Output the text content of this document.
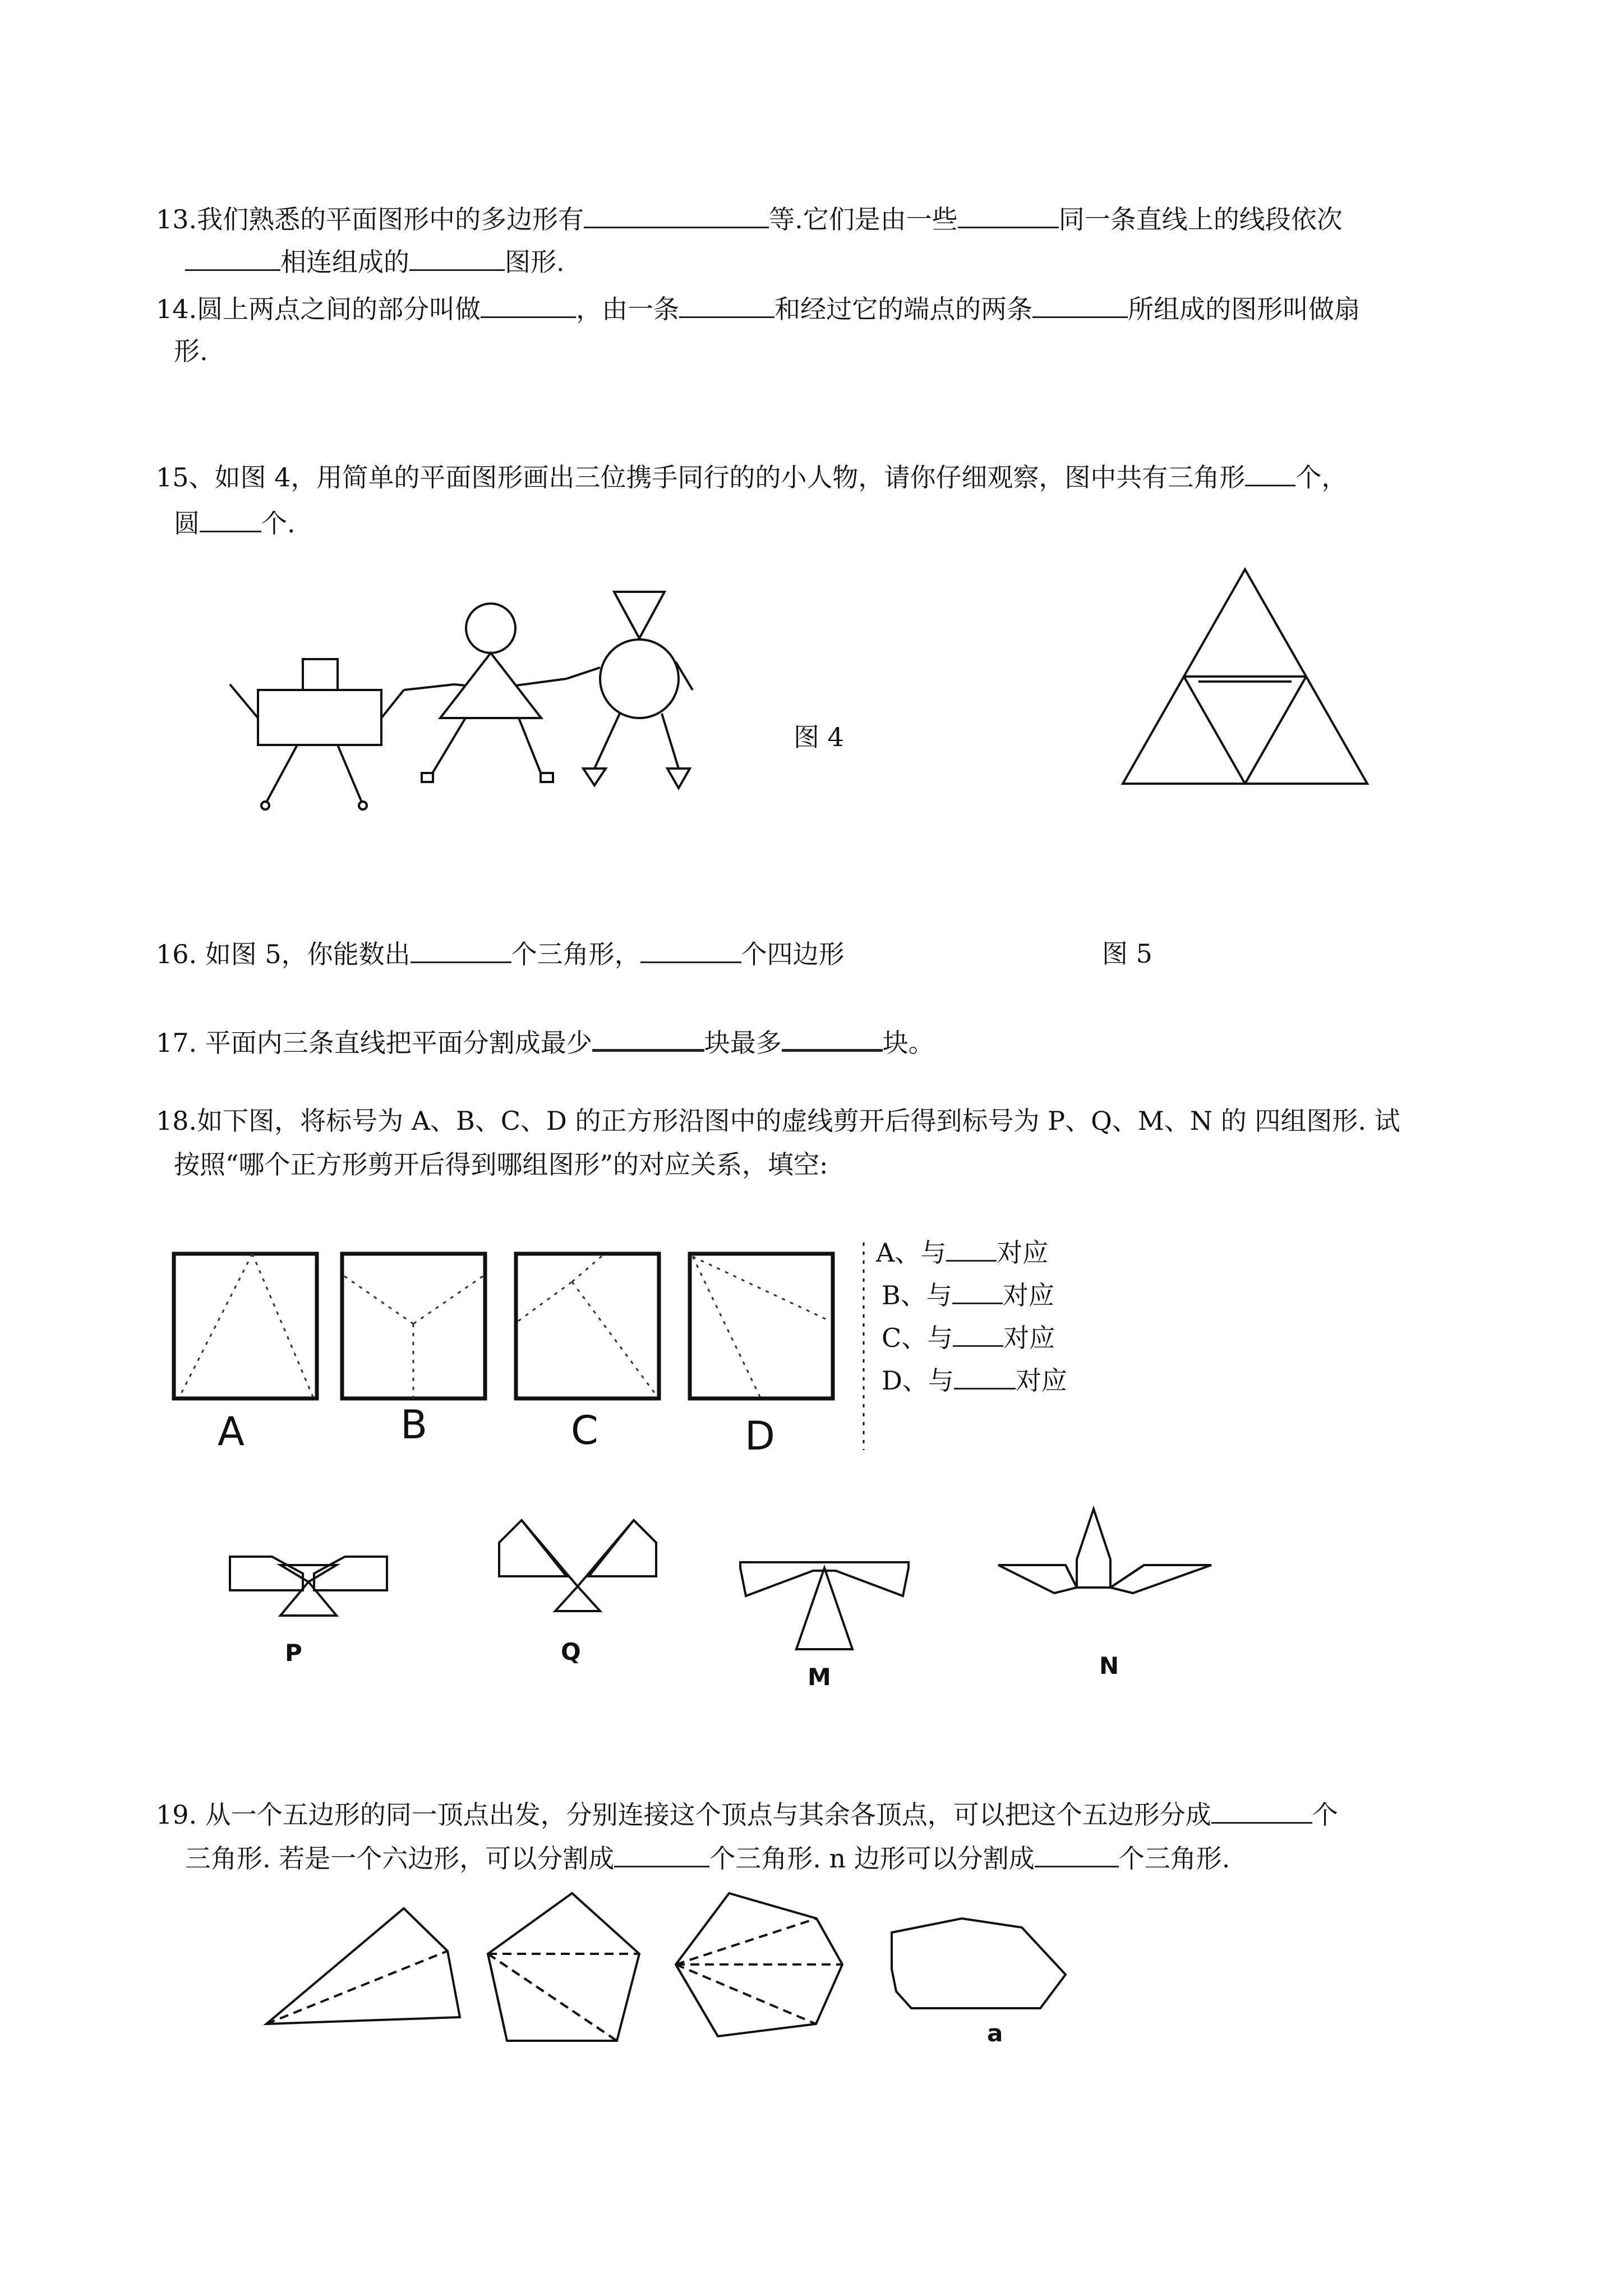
13.我们熟悉的平面图形中的多边形有	等.它们是由一些	同一条直线上的线段依次
相连组成的	图形.
14.圆上两点之间的部分叫做	，由一条	和经过它的端点的两条	所组成的图形叫做扇
形.
15、如图 4，用简单的平面图形画出三位携手同行的的小人物，请你仔细观察，图中共有三角形 个，
圆 个.
图 4
16. 如图 5，你能数出	个三角形，	个四边形	图 5
17. 平面内三条直线把平面分割成最少	块最多	块。
18.如下图，将标号为 A、B、C、D 的正方形沿图中的虚线剪开后得到标号为 P、Q、M、N 的 四组图形. 试
按照“哪个正方形剪开后得到哪组图形”的对应关系，填空:
A	B	C	D
A、与 对应
B、与 对应
C、与 对应
D、与 对应
P	Q
M	N
19. 从一个五边形的同一顶点出发，分别连接这个顶点与其余各顶点，可以把这个五边形分成	个
三角形. 若是一个六边形，可以分割成	个三角形. n 边形可以分割成	个三角形.
a
